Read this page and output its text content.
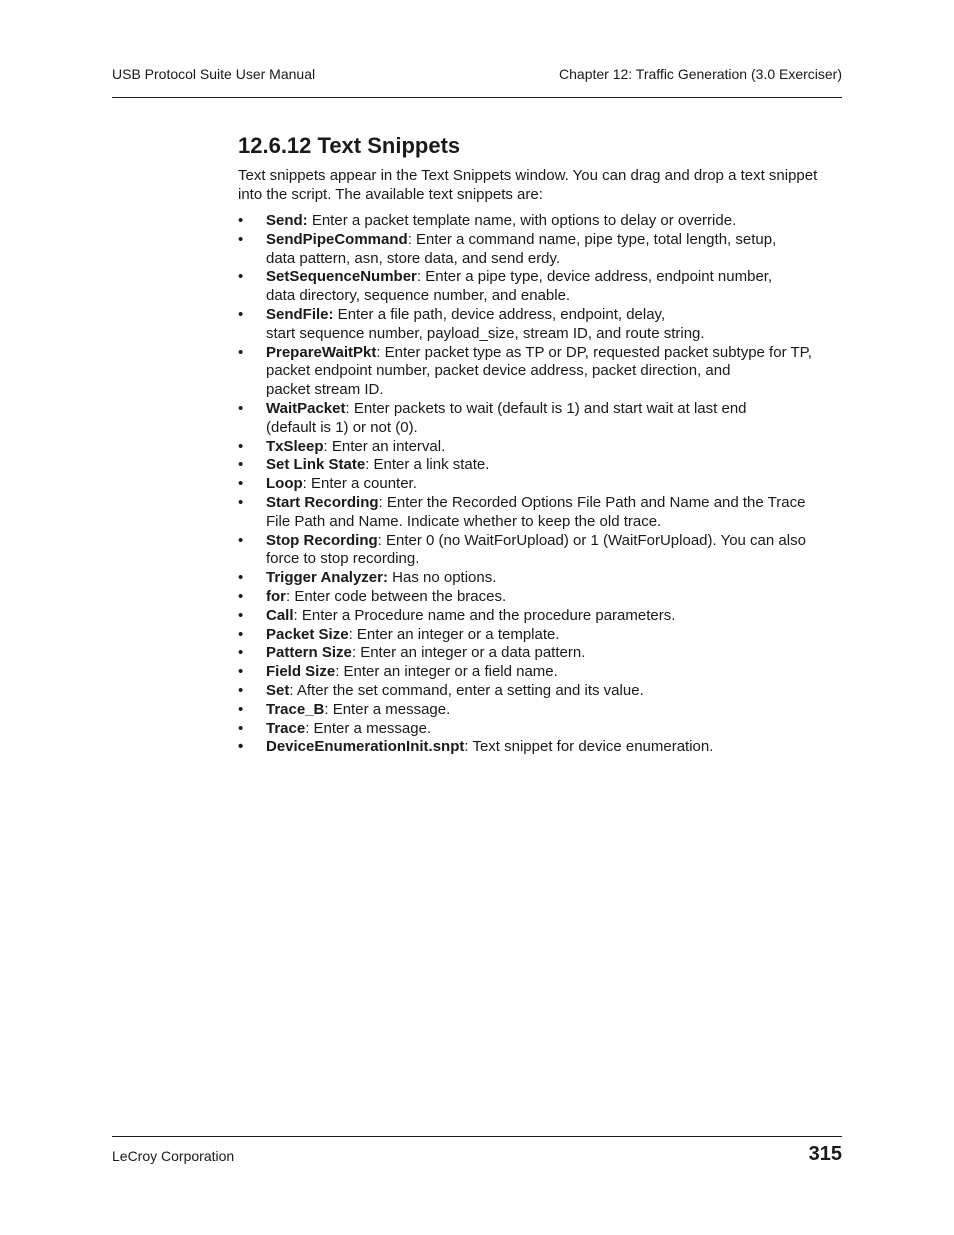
USB Protocol Suite User Manual	Chapter 12: Traffic Generation (3.0 Exerciser)
12.6.12 Text Snippets

Text snippets appear in the Text Snippets window. You can drag and drop a text snippet into the script. The available text snippets are:

• Send: Enter a packet template name, with options to delay or override.
• SendPipeCommand: Enter a command name, pipe type, total length, setup,
data pattern, asn, store data, and send erdy.
• SetSequenceNumber: Enter a pipe type, device address, endpoint number,
data directory, sequence number, and enable.
• SendFile: Enter a file path, device address, endpoint, delay,
start sequence number, payload_size, stream ID, and route string.
• PrepareWaitPkt: Enter packet type as TP or DP, requested packet subtype for TP,
packet endpoint number, packet device address, packet direction, and
packet stream ID.
• WaitPacket: Enter packets to wait (default is 1) and start wait at last end
(default is 1) or not (0).
• TxSleep: Enter an interval.
• Set Link State: Enter a link state.
• Loop: Enter a counter.
• Start Recording: Enter the Recorded Options File Path and Name and the Trace
File Path and Name. Indicate whether to keep the old trace.
• Stop Recording: Enter 0 (no WaitForUpload) or 1 (WaitForUpload). You can also
force to stop recording.
• Trigger Analyzer: Has no options.
• for: Enter code between the braces.
• Call: Enter a Procedure name and the procedure parameters.
• Packet Size: Enter an integer or a template.
• Pattern Size: Enter an integer or a data pattern.
• Field Size: Enter an integer or a field name.
• Set: After the set command, enter a setting and its value.
• Trace_B: Enter a message.
• Trace: Enter a message.
• DeviceEnumerationInit.snpt: Text snippet for device enumeration.
LeCroy Corporation	315
